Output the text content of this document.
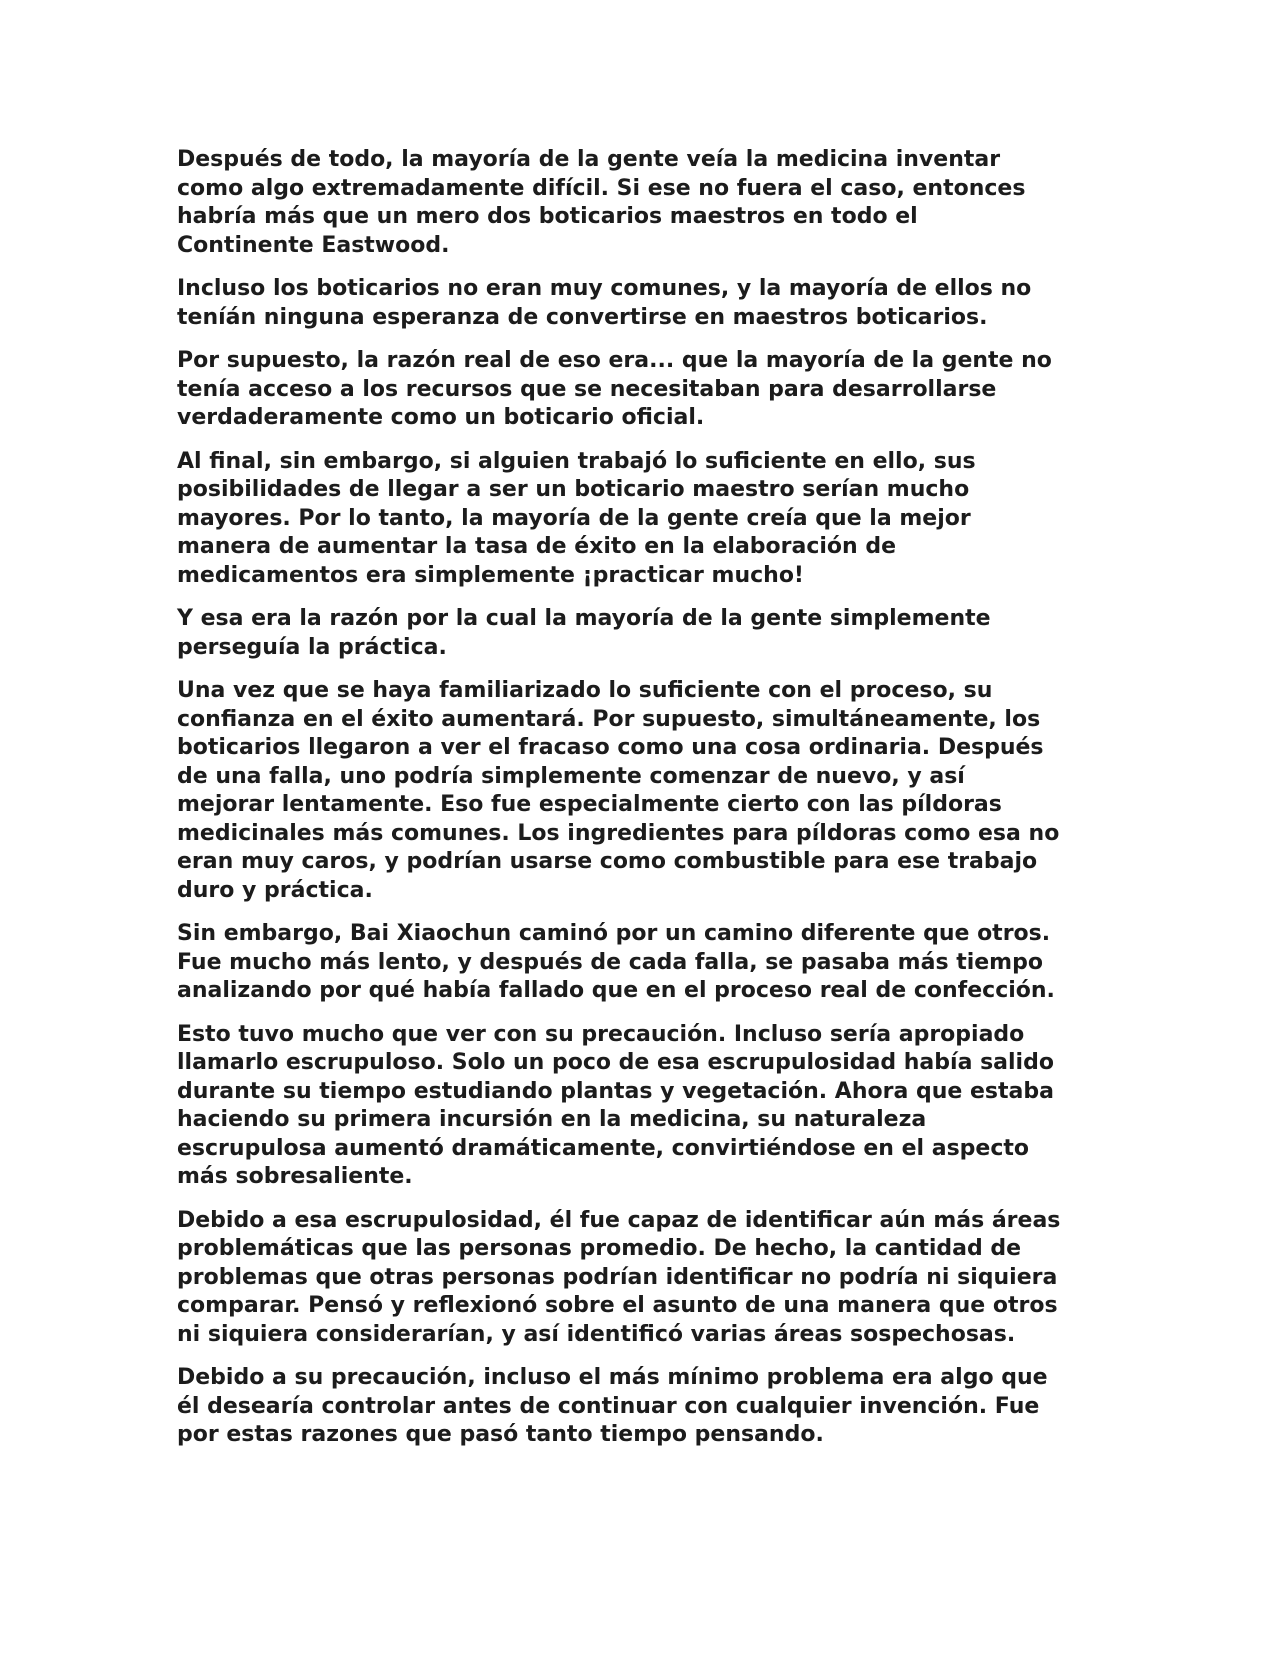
Después de todo, la mayoría de la gente veía la medicina inventar
como algo extremadamente difícil. Si ese no fuera el caso, entonces
habría más que un mero dos boticarios maestros en todo el
Continente Eastwood.

Incluso los boticarios no eran muy comunes, y la mayoría de ellos no
teníán ninguna esperanza de convertirse en maestros boticarios.

Por supuesto, la razón real de eso era... que la mayoría de la gente no
tenía acceso a los recursos que se necesitaban para desarrollarse
verdaderamente como un boticario oficial.

Al final, sin embargo, si alguien trabajó lo suficiente en ello, sus
posibilidades de llegar a ser un boticario maestro serían mucho
mayores. Por lo tanto, la mayoría de la gente creía que la mejor
manera de aumentar la tasa de éxito en la elaboración de
medicamentos era simplemente ¡practicar mucho!

Y esa era la razón por la cual la mayoría de la gente simplemente
perseguía la práctica.

Una vez que se haya familiarizado lo suficiente con el proceso, su
confianza en el éxito aumentará. Por supuesto, simultáneamente, los
boticarios llegaron a ver el fracaso como una cosa ordinaria. Después
de una falla, uno podría simplemente comenzar de nuevo, y así
mejorar lentamente. Eso fue especialmente cierto con las píldoras
medicinales más comunes. Los ingredientes para píldoras como esa no
eran muy caros, y podrían usarse como combustible para ese trabajo
duro y práctica.

Sin embargo, Bai Xiaochun caminó por un camino diferente que otros.
Fue mucho más lento, y después de cada falla, se pasaba más tiempo
analizando por qué había fallado que en el proceso real de confección.

Esto tuvo mucho que ver con su precaución. Incluso sería apropiado
llamarlo escrupuloso. Solo un poco de esa escrupulosidad había salido
durante su tiempo estudiando plantas y vegetación. Ahora que estaba
haciendo su primera incursión en la medicina, su naturaleza
escrupulosa aumentó dramáticamente, convirtiéndose en el aspecto
más sobresaliente.

Debido a esa escrupulosidad, él fue capaz de identificar aún más áreas
problemáticas que las personas promedio. De hecho, la cantidad de
problemas que otras personas podrían identificar no podría ni siquiera
comparar. Pensó y reflexionó sobre el asunto de una manera que otros
ni siquiera considerarían, y así identificó varias áreas sospechosas.

Debido a su precaución, incluso el más mínimo problema era algo que
él desearía controlar antes de continuar con cualquier invención. Fue
por estas razones que pasó tanto tiempo pensando.
